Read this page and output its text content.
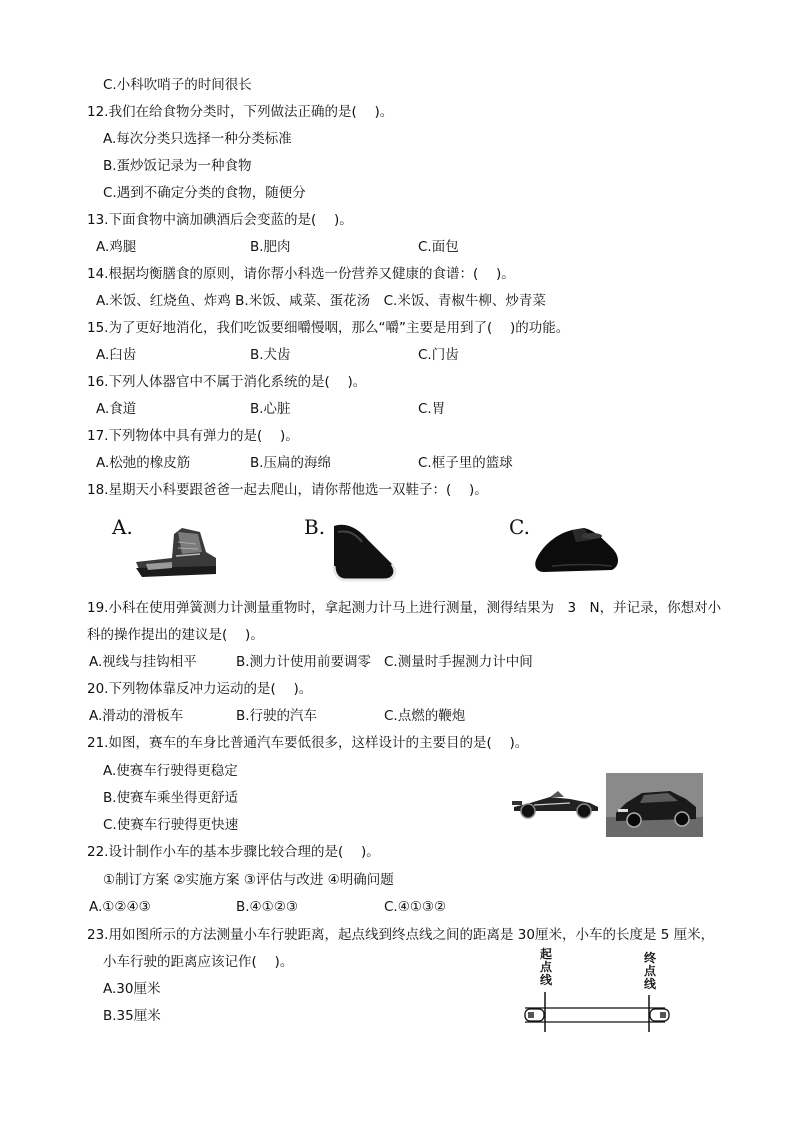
C.小科吹哨子的时间很长
12.我们在给食物分类时，下列做法正确的是(　 )。
A.每次分类只选择一种分类标准
B.蛋炒饭记录为一种食物
C.遇到不确定分类的食物，随便分
13.下面食物中滴加碘酒后会变蓝的是(　 )。
A.鸡腿	B.肥肉	C.面包
14.根据均衡膳食的原则，请你帮小科选一份营养又健康的食谱：(　 )。
A.米饭、红烧鱼、炸鸡 B.米饭、咸菜、蛋花汤　C.米饭、青椒牛柳、炒青菜
15.为了更好地消化，我们吃饭要细嚼慢咽，那么“嚼”主要是用到了(　 )的功能。
A.臼齿	B.犬齿	C.门齿
16.下列人体器官中不属于消化系统的是(　 )。
A.食道	B.心脏	C.胃
17.下列物体中具有弹力的是(　 )。
A.松弛的橡皮筋	B.压扁的海绵	C.框子里的篮球
18.星期天小科要跟爸爸一起去爬山，请你帮他选一双鞋子：(　 )。
A.	B.	C.
19.小科在使用弹簧测力计测量重物时，拿起测力计马上进行测量，测得结果为　3　N，并记录，你想对小
科的操作提出的建议是(　 )。
A.视线与挂钩相平	B.测力计使用前要调零 C.测量时手握测力计中间
20.下列物体靠反冲力运动的是(　 )。
A.滑动的滑板车	B.行驶的汽车	C.点燃的鞭炮
21.如图，赛车的车身比普通汽车要低很多，这样设计的主要目的是(　 )。
A.使赛车行驶得更稳定
B.使赛车乘坐得更舒适
C.使赛车行驶得更快速
22.设计制作小车的基本步骤比较合理的是(　 )。
①制订方案 ②实施方案 ③评估与改进 ④明确问题
A.①②④③	B.④①②③	C.④①③②
23.用如图所示的方法测量小车行驶距离，起点线到终点线之间的距离是 30厘米，小车的长度是 5 厘米，
小车行驶的距离应该记作(　 )。
A.30厘米
B.35厘米
起
点
线
终
点
线
